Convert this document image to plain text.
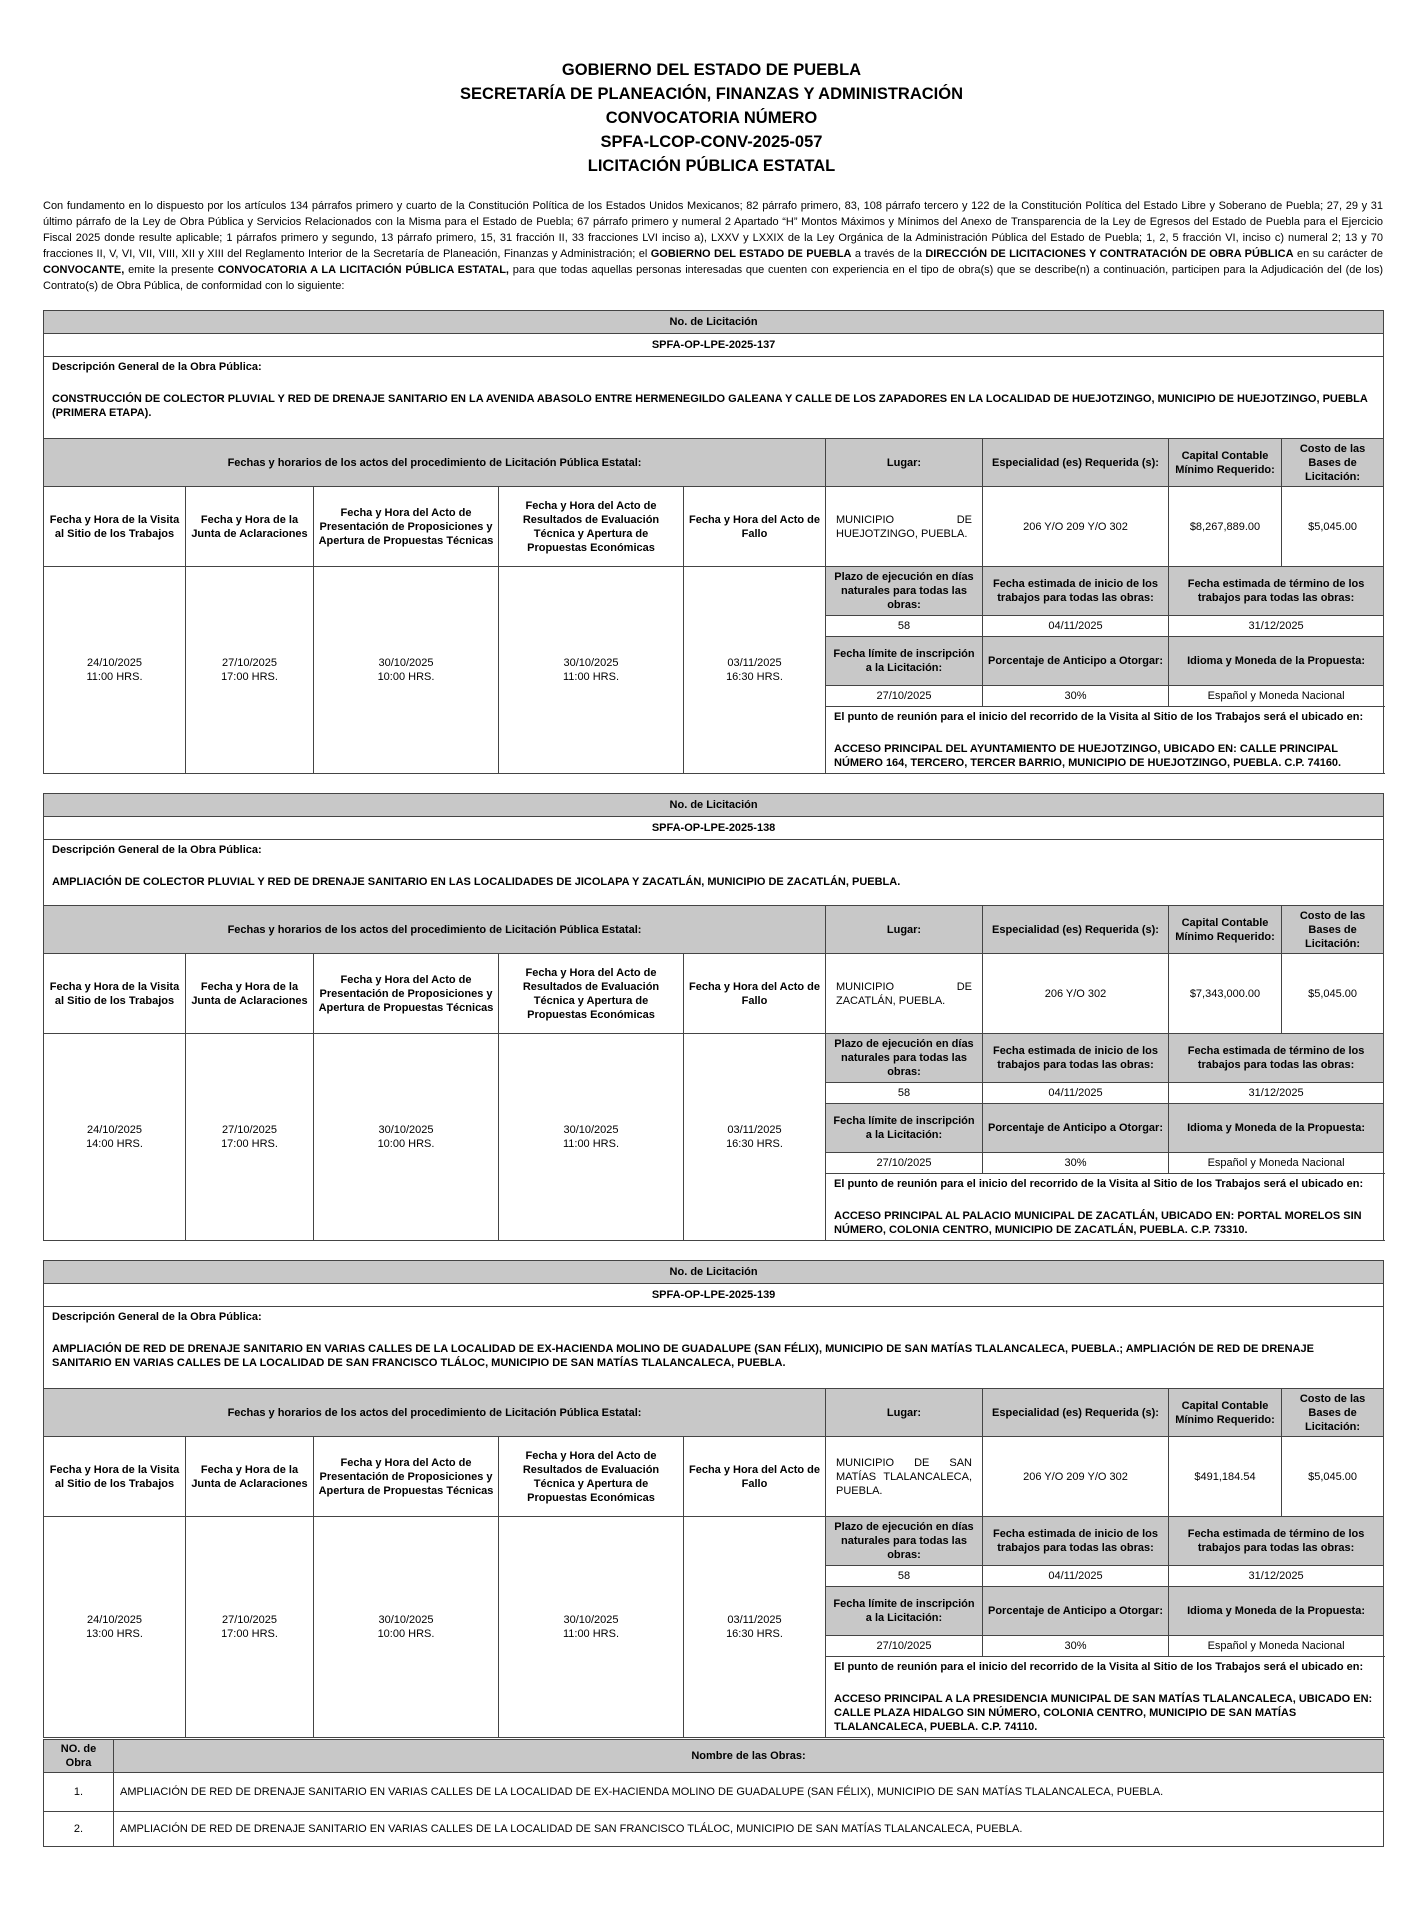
GOBIERNO DEL ESTADO DE PUEBLA
SECRETARÍA DE PLANEACIÓN, FINANZAS Y ADMINISTRACIÓN
CONVOCATORIA NÚMERO
SPFA-LCOP-CONV-2025-057
LICITACIÓN PÚBLICA ESTATAL
Con fundamento en lo dispuesto por los artículos 134 párrafos primero y cuarto de la Constitución Política de los Estados Unidos Mexicanos; 82 párrafo primero, 83, 108 párrafo tercero y 122 de la Constitución Política del Estado Libre y Soberano de Puebla; 27, 29 y 31 último párrafo de la Ley de Obra Pública y Servicios Relacionados con la Misma para el Estado de Puebla; 67 párrafo primero y numeral 2 Apartado “H” Montos Máximos y Mínimos del Anexo de Transparencia de la Ley de Egresos del Estado de Puebla para el Ejercicio Fiscal 2025 donde resulte aplicable; 1 párrafos primero y segundo, 13 párrafo primero, 15, 31 fracción II, 33 fracciones LVI inciso a), LXXV y LXXIX de la Ley Orgánica de la Administración Pública del Estado de Puebla; 1, 2, 5 fracción VI, inciso c) numeral 2; 13 y 70 fracciones II, V, VI, VII, VIII, XII y XIII del Reglamento Interior de la Secretaría de Planeación, Finanzas y Administración; el GOBIERNO DEL ESTADO DE PUEBLA a través de la DIRECCIÓN DE LICITACIONES Y CONTRATACIÓN DE OBRA PÚBLICA en su carácter de CONVOCANTE, emite la presente CONVOCATORIA A LA LICITACIÓN PÚBLICA ESTATAL, para que todas aquellas personas interesadas que cuenten con experiencia en el tipo de obra(s) que se describe(n) a continuación, participen para la Adjudicación del (de los) Contrato(s) de Obra Pública, de conformidad con lo siguiente:
No. de Licitación								
SPFA-OP-LPE-2025-137								

Descripción General de la Obra Pública:
CONSTRUCCIÓN DE COLECTOR PLUVIAL Y RED DE DRENAJE SANITARIO EN LA AVENIDA ABASOLO ENTRE HERMENEGILDO GALEANA Y CALLE DE LOS ZAPADORES EN LA LOCALIDAD DE HUEJOTZINGO, MUNICIPIO DE HUEJOTZINGO, PUEBLA (PRIMERA ETAPA).								

Fechas y horarios de los actos del procedimiento de Licitación Pública Estatal:					Lugar:	Especialidad (es) Requerida (s):	Capital Contable Mínimo Requerido:	Costo de las Bases de Licitación:
Fecha y Hora de la Visita al Sitio de los Trabajos	Fecha y Hora de la Junta de Aclaraciones	Fecha y Hora del Acto de Presentación de Proposiciones y Apertura de Propuestas Técnicas	Fecha y Hora del Acto de Resultados de Evaluación Técnica y Apertura de Propuestas Económicas	Fecha y Hora del Acto de Fallo	MUNICIPIO DE HUEJOTZINGO, PUEBLA.	206 Y/O 209 Y/O 302	$8,267,889.00	$5,045.00
24/10/2025
11:00 HRS.	27/10/2025
17:00 HRS.	30/10/2025
10:00 HRS.	30/10/2025
11:00 HRS.	03/11/2025
16:30 HRS.	Plazo de ejecución en días naturales para todas las obras:	Fecha estimada de inicio de los trabajos para todas las obras:	Fecha estimada de término de los trabajos para todas las obras:	
					58	04/11/2025	31/12/2025	
					Fecha límite de inscripción a la Licitación:	Porcentaje de Anticipo a Otorgar:	Idioma y Moneda de la Propuesta:	
					27/10/2025	30%	Español y Moneda Nacional	

					El punto de reunión para el inicio del recorrido de la Visita al Sitio de los Trabajos será el ubicado en:
ACCESO PRINCIPAL DEL AYUNTAMIENTO DE HUEJOTZINGO, UBICADO EN: CALLE PRINCIPAL NÚMERO 164, TERCERO, TERCER BARRIO, MUNICIPIO DE HUEJOTZINGO, PUEBLA. C.P. 74160.			
No. de Licitación								
SPFA-OP-LPE-2025-138								

Descripción General de la Obra Pública:
AMPLIACIÓN DE COLECTOR PLUVIAL Y RED DE DRENAJE SANITARIO EN LAS LOCALIDADES DE JICOLAPA Y ZACATLÁN, MUNICIPIO DE ZACATLÁN, PUEBLA.								

Fechas y horarios de los actos del procedimiento de Licitación Pública Estatal:					Lugar:	Especialidad (es) Requerida (s):	Capital Contable Mínimo Requerido:	Costo de las Bases de Licitación:
Fecha y Hora de la Visita al Sitio de los Trabajos	Fecha y Hora de la Junta de Aclaraciones	Fecha y Hora del Acto de Presentación de Proposiciones y Apertura de Propuestas Técnicas	Fecha y Hora del Acto de Resultados de Evaluación Técnica y Apertura de Propuestas Económicas	Fecha y Hora del Acto de Fallo	MUNICIPIO DE ZACATLÁN, PUEBLA.	206 Y/O 302	$7,343,000.00	$5,045.00
24/10/2025
14:00 HRS.	27/10/2025
17:00 HRS.	30/10/2025
10:00 HRS.	30/10/2025
11:00 HRS.	03/11/2025
16:30 HRS.	Plazo de ejecución en días naturales para todas las obras:	Fecha estimada de inicio de los trabajos para todas las obras:	Fecha estimada de término de los trabajos para todas las obras:	
					58	04/11/2025	31/12/2025	
					Fecha límite de inscripción a la Licitación:	Porcentaje de Anticipo a Otorgar:	Idioma y Moneda de la Propuesta:	
					27/10/2025	30%	Español y Moneda Nacional	

					El punto de reunión para el inicio del recorrido de la Visita al Sitio de los Trabajos será el ubicado en:
ACCESO PRINCIPAL AL PALACIO MUNICIPAL DE ZACATLÁN, UBICADO EN: PORTAL MORELOS SIN NÚMERO, COLONIA CENTRO, MUNICIPIO DE ZACATLÁN, PUEBLA. C.P. 73310.			
No. de Licitación								
SPFA-OP-LPE-2025-139								

Descripción General de la Obra Pública:
AMPLIACIÓN DE RED DE DRENAJE SANITARIO EN VARIAS CALLES DE LA LOCALIDAD DE EX-HACIENDA MOLINO DE GUADALUPE (SAN FÉLIX), MUNICIPIO DE SAN MATÍAS TLALANCALECA, PUEBLA.; AMPLIACIÓN DE RED DE DRENAJE SANITARIO EN VARIAS CALLES DE LA LOCALIDAD DE SAN FRANCISCO TLÁLOC, MUNICIPIO DE SAN MATÍAS TLALANCALECA, PUEBLA.								

Fechas y horarios de los actos del procedimiento de Licitación Pública Estatal:					Lugar:	Especialidad (es) Requerida (s):	Capital Contable Mínimo Requerido:	Costo de las Bases de Licitación:
Fecha y Hora de la Visita al Sitio de los Trabajos	Fecha y Hora de la Junta de Aclaraciones	Fecha y Hora del Acto de Presentación de Proposiciones y Apertura de Propuestas Técnicas	Fecha y Hora del Acto de Resultados de Evaluación Técnica y Apertura de Propuestas Económicas	Fecha y Hora del Acto de Fallo	MUNICIPIO DE SAN MATÍAS TLALANCALECA, PUEBLA.	206 Y/O 209 Y/O 302	$491,184.54	$5,045.00
24/10/2025
13:00 HRS.	27/10/2025
17:00 HRS.	30/10/2025
10:00 HRS.	30/10/2025
11:00 HRS.	03/11/2025
16:30 HRS.	Plazo de ejecución en días naturales para todas las obras:	Fecha estimada de inicio de los trabajos para todas las obras:	Fecha estimada de término de los trabajos para todas las obras:	
					58	04/11/2025	31/12/2025	
					Fecha límite de inscripción a la Licitación:	Porcentaje de Anticipo a Otorgar:	Idioma y Moneda de la Propuesta:	
					27/10/2025	30%	Español y Moneda Nacional	

					El punto de reunión para el inicio del recorrido de la Visita al Sitio de los Trabajos será el ubicado en:
ACCESO PRINCIPAL A LA PRESIDENCIA MUNICIPAL DE SAN MATÍAS TLALANCALECA, UBICADO EN: CALLE PLAZA HIDALGO SIN NÚMERO, COLONIA CENTRO, MUNICIPIO DE SAN MATÍAS TLALANCALECA, PUEBLA. C.P. 74110.			
NO. de Obra	Nombre de las Obras:
1.	AMPLIACIÓN DE RED DE DRENAJE SANITARIO EN VARIAS CALLES DE LA LOCALIDAD DE EX-HACIENDA MOLINO DE GUADALUPE (SAN FÉLIX), MUNICIPIO DE SAN MATÍAS TLALANCALECA, PUEBLA.
2.	AMPLIACIÓN DE RED DE DRENAJE SANITARIO EN VARIAS CALLES DE LA LOCALIDAD DE SAN FRANCISCO TLÁLOC, MUNICIPIO DE SAN MATÍAS TLALANCALECA, PUEBLA.
